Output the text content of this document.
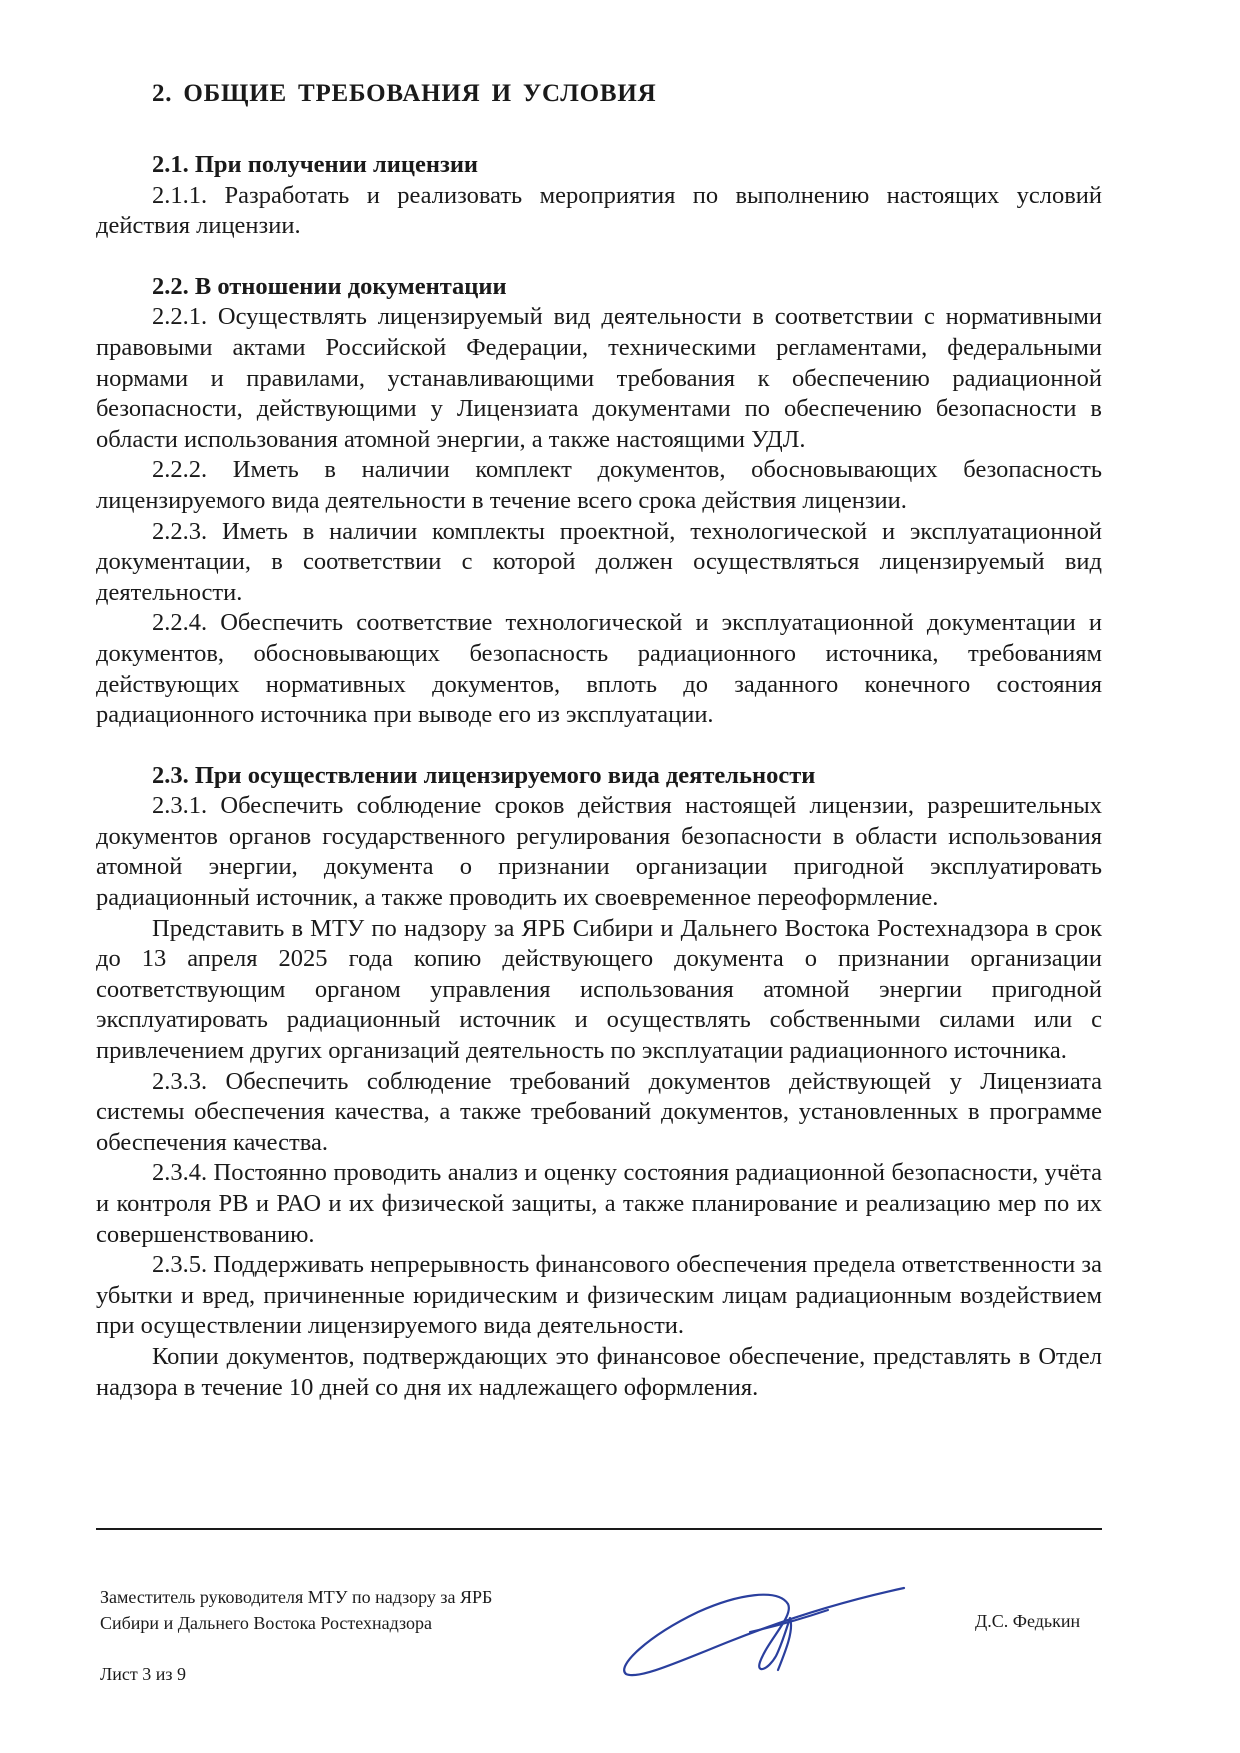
2. ОБЩИЕ ТРЕБОВАНИЯ И УСЛОВИЯ
2.1. При получении лицензии

2.1.1. Разработать и реализовать мероприятия по выполнению настоящих условий действия лицензии.

2.2. В отношении документации

2.2.1. Осуществлять лицензируемый вид деятельности в соответствии с нормативными правовыми актами Российской Федерации, техническими регламентами, федеральными нормами и правилами, устанавливающими требования к обеспечению радиационной безопасности, действующими у Лицензиата документами по обеспечению безопасности в области использования атомной энергии, а также настоящими УДЛ.

2.2.2. Иметь в наличии комплект документов, обосновывающих безопасность лицензируемого вида деятельности в течение всего срока действия лицензии.

2.2.3. Иметь в наличии комплекты проектной, технологической и эксплуатационной документации, в соответствии с которой должен осуществляться лицензируемый вид деятельности.

2.2.4. Обеспечить соответствие технологической и эксплуатационной документации и документов, обосновывающих безопасность радиационного источника, требованиям действующих нормативных документов, вплоть до заданного конечного состояния радиационного источника при выводе его из эксплуатации.

2.3. При осуществлении лицензируемого вида деятельности

2.3.1. Обеспечить соблюдение сроков действия настоящей лицензии, разрешительных документов органов государственного регулирования безопасности в области использования атомной энергии, документа о признании организации пригодной эксплуатировать радиационный источник, а также проводить их своевременное переоформление.

Представить в МТУ по надзору за ЯРБ Сибири и Дальнего Востока Ростехнадзора в срок до 13 апреля 2025 года копию действующего документа о признании организации соответствующим органом управления использования атомной энергии пригодной эксплуатировать радиационный источник и осуществлять собственными силами или с привлечением других организаций деятельность по эксплуатации радиационного источника.

2.3.3. Обеспечить соблюдение требований документов действующей у Лицензиата системы обеспечения качества, а также требований документов, установленных в программе обеспечения качества.

2.3.4. Постоянно проводить анализ и оценку состояния радиационной безопасности, учёта и контроля РВ и РАО и их физической защиты, а также планирование и реализацию мер по их совершенствованию.

2.3.5. Поддерживать непрерывность финансового обеспечения предела ответственности за убытки и вред, причиненные юридическим и физическим лицам радиационным воздействием при осуществлении лицензируемого вида деятельности.

Копии документов, подтверждающих это финансовое обеспечение, представлять в Отдел надзора в течение 10 дней со дня их надлежащего оформления.

Заместитель руководителя МТУ по надзору за ЯРБ
Сибири и Дальнего Востока Ростехнадзора	Д.С. Федькин
Лист 3 из 9
